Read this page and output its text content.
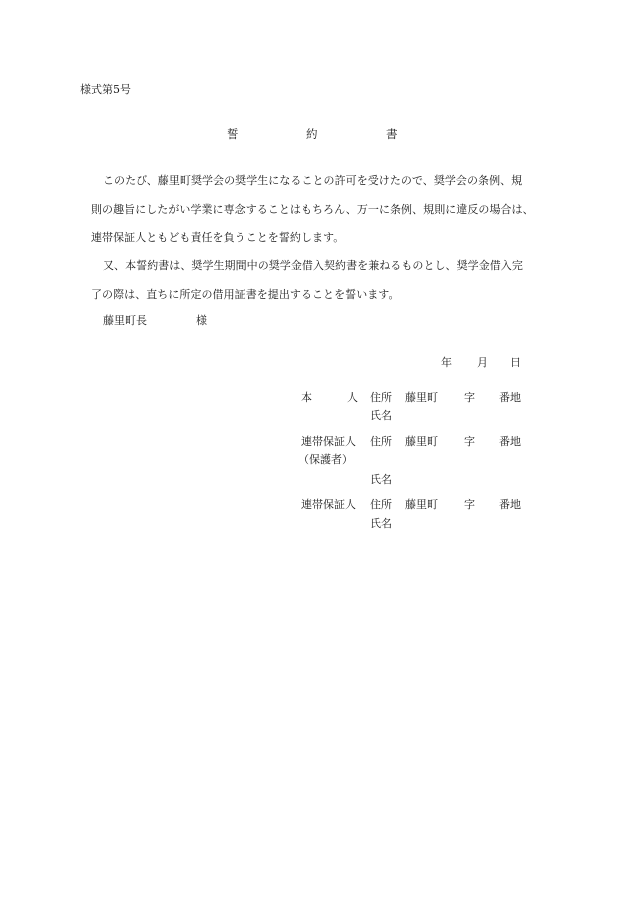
様式第5号
誓	約	書
このたび、藤里町奨学会の奨学生になることの許可を受けたので、奨学会の条例、規
則の趣旨にしたがい学業に専念することはもちろん、万一に条例、規則に違反の場合は、
連帯保証人ともども責任を負うことを誓約します。
又、本誓約書は、奨学生期間中の奨学金借入契約書を兼ねるものとし、奨学金借入完
了の際は、直ちに所定の借用証書を提出することを誓います。
藤里町長	様
年 月 日
本	人 住所 藤里町 字 番地
氏名
連帯保証人 住所 藤里町 字 番地
（保護者）
氏名
連帯保証人 住所 藤里町 字 番地
氏名
